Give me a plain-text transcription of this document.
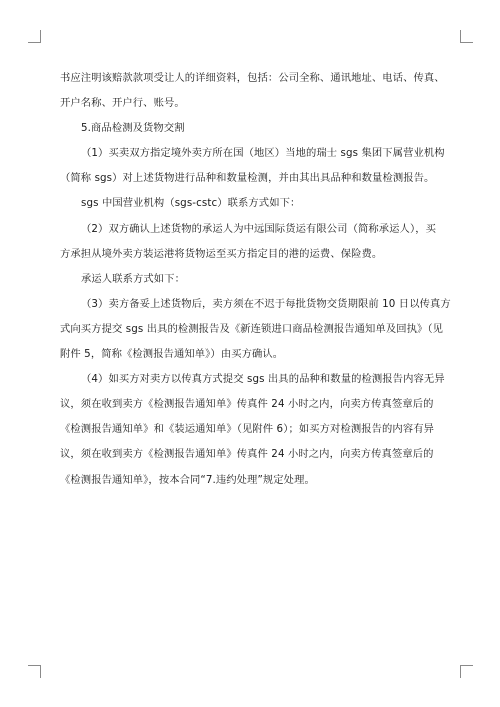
书应注明该赔款款项受让人的详细资料，包括：公司全称、通讯地址、电话、传真、

开户名称、开户行、账号。

5.商品检测及货物交割

（1）买卖双方指定境外卖方所在国（地区）当地的瑞士 sgs 集团下属营业机构

（简称 sgs）对上述货物进行品种和数量检测，并由其出具品种和数量检测报告。

sgs 中国营业机构（sgs-cstc）联系方式如下：

（2）双方确认上述货物的承运人为中远国际货运有限公司（简称承运人），买

方承担从境外卖方装运港将货物运至买方指定目的港的运费、保险费。

承运人联系方式如下：

（3）卖方备妥上述货物后，卖方须在不迟于每批货物交货期限前 10 日以传真方

式向买方提交 sgs 出具的检测报告及《新连锁进口商品检测报告通知单及回执》（见

附件 5，简称《检测报告通知单》）由买方确认。

（4）如买方对卖方以传真方式提交 sgs 出具的品种和数量的检测报告内容无异

议，须在收到卖方《检测报告通知单》传真件 24 小时之内，向卖方传真签章后的

《检测报告通知单》和《装运通知单》（见附件 6）；如买方对检测报告的内容有异

议，须在收到卖方《检测报告通知单》传真件 24 小时之内，向卖方传真签章后的

《检测报告通知单》，按本合同“7.违约处理”规定处理。
